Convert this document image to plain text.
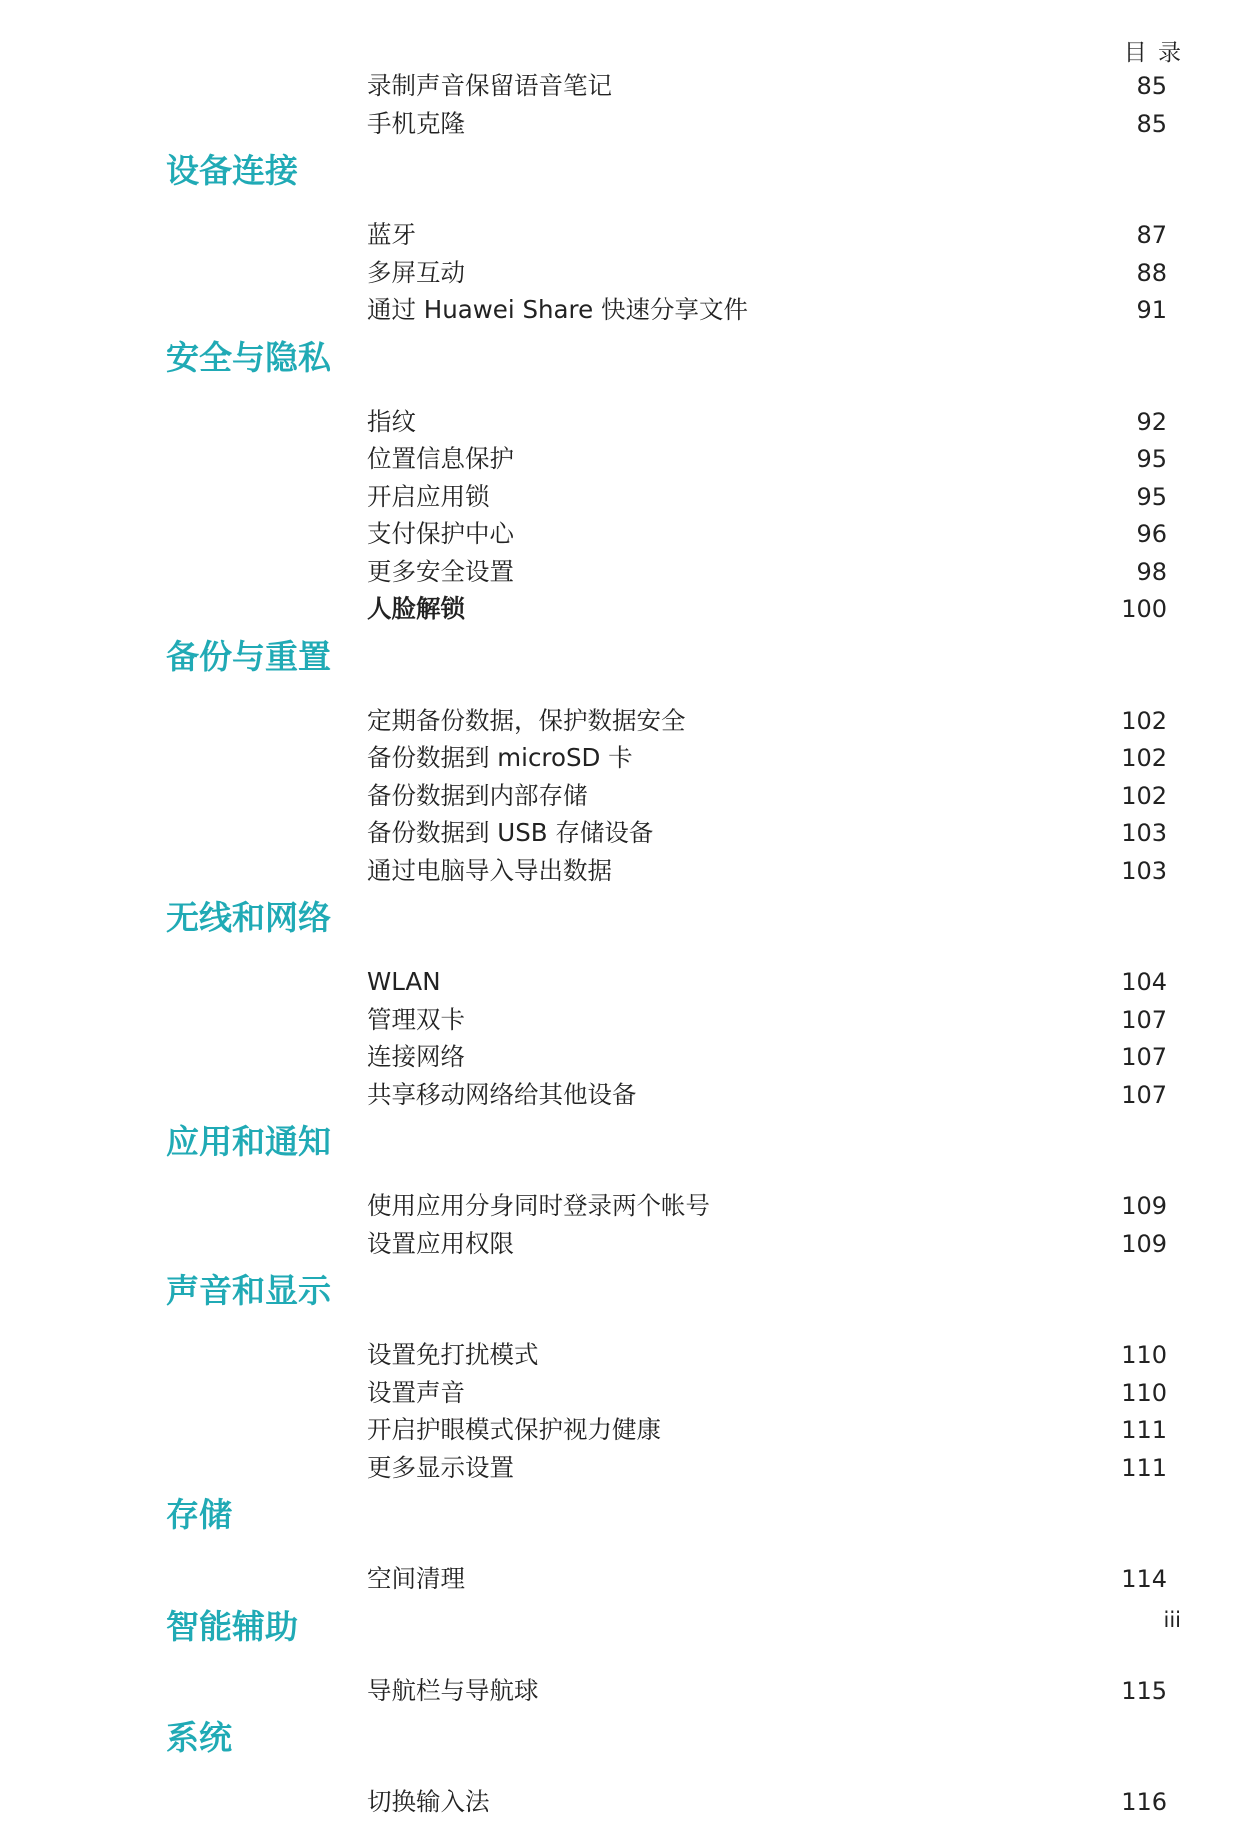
目 录
录制声音保留语音笔记	85
手机克隆	85
设备连接
蓝牙	87
多屏互动	88
通过 Huawei Share 快速分享文件	91
安全与隐私
指纹	92
位置信息保护	95
开启应用锁	95
支付保护中心	96
更多安全设置	98
人脸解锁	100
备份与重置
定期备份数据，保护数据安全	102
备份数据到 microSD 卡	102
备份数据到内部存储	102
备份数据到 USB 存储设备	103
通过电脑导入导出数据	103
无线和网络
WLAN	104
管理双卡	107
连接网络	107
共享移动网络给其他设备	107
应用和通知
使用应用分身同时登录两个帐号	109
设置应用权限	109
声音和显示
设置免打扰模式	110
设置声音	110
开启护眼模式保护视力健康	111
更多显示设置	111
存储
空间清理	114
智能辅助
导航栏与导航球	115
系统
切换输入法	116
iii
